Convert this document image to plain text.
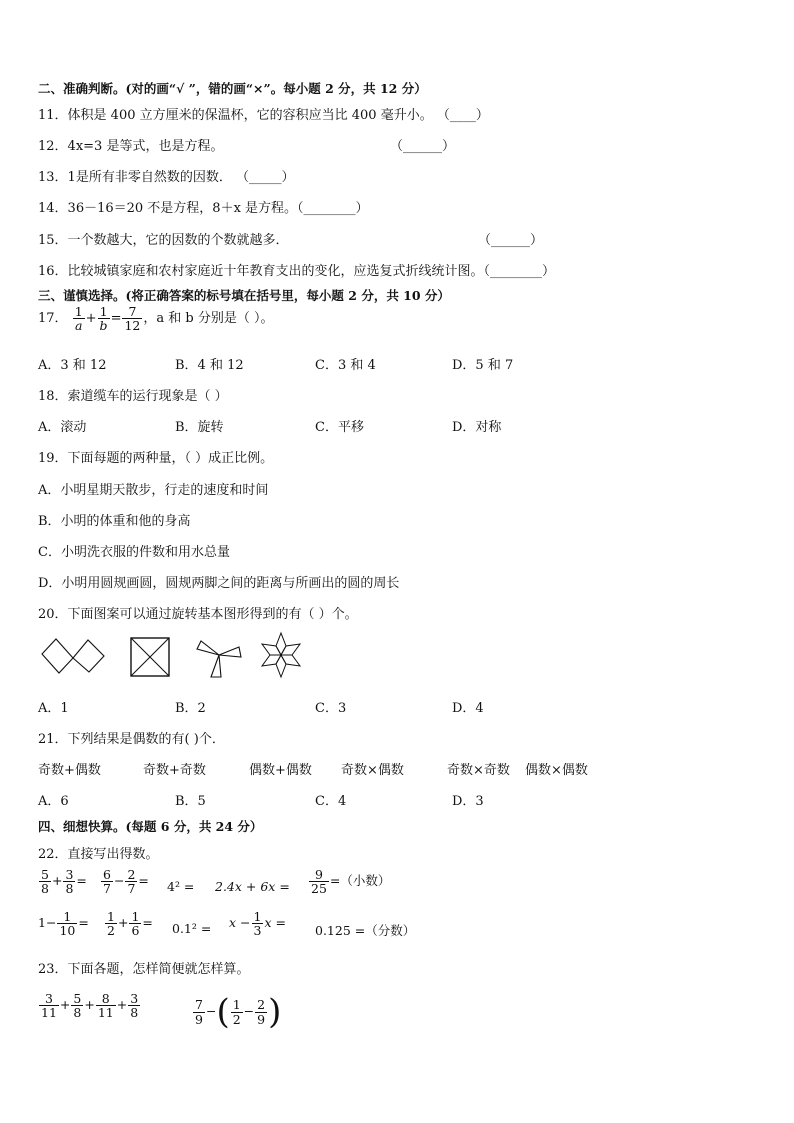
二、准确判断。(对的画“√ ”，错的画“×”。每小题 2 分，共 12 分）
11．体积是 400 立方厘米的保温杯，它的容积应当比 400 毫升小。 （____）
12．4x=3 是等式，也是方程。	（______）
13．1是所有非零自然数的因数． （_____）
14．36－16＝20 不是方程，8＋x 是方程。（________）
15．一个数越大，它的因数的个数就越多．	（______）
16．比较城镇家庭和农村家庭近十年教育支出的变化，应选复式折线统计图。（________）
三、谨慎选择。(将正确答案的标号填在括号里，每小题 2 分，共 10 分）
17． $\frac{1}{a} + \frac{1}{b} = \frac{7}{12}$ ，a 和 b 分别是（ ）。
A．3 和 12	B．4 和 12	C．3 和 4	D．5 和 7
18．索道缆车的运行现象是（ ）
A．滚动	B．旋转	C．平移	D．对称
19．下面每题的两种量，（ ）成正比例。
A．小明星期天散步，行走的速度和时间
B．小明的体重和他的身高
C．小明洗衣服的件数和用水总量
D．小明用圆规画圆，圆规两脚之间的距离与所画出的圆的周长
20．下面图案可以通过旋转基本图形得到的有（ ）个。
A．1	B．2	C．3	D．4
21．下列结果是偶数的有( )个．
奇数+偶数	奇数+奇数	偶数+偶数 奇数×偶数	奇数×奇数 偶数×偶数
A．6	B．5	C．4	D．3
四、细想快算。(每题 6 分，共 24 分）
22．直接写出得数。
$\frac{5}{8} + \frac{3}{8} = \frac{6}{7} - \frac{2}{7} = 4^2 = 2.4x + 6x = \frac{9}{25}$ =（小数）
$1- \frac{1}{10} = \frac{1}{2} + \frac{1}{6} = 0.1^2 = x - \frac{1}{3}$ x =
0.125 =（分数）
23．下面各题，怎样简便就怎样算。
$\frac{3}{11} + \frac{5}{8} + \frac{8}{11} + \frac{3}{8}$	$\frac{7}{9}$ −( $\frac{1}{2} - \frac{2}{9}$ )
